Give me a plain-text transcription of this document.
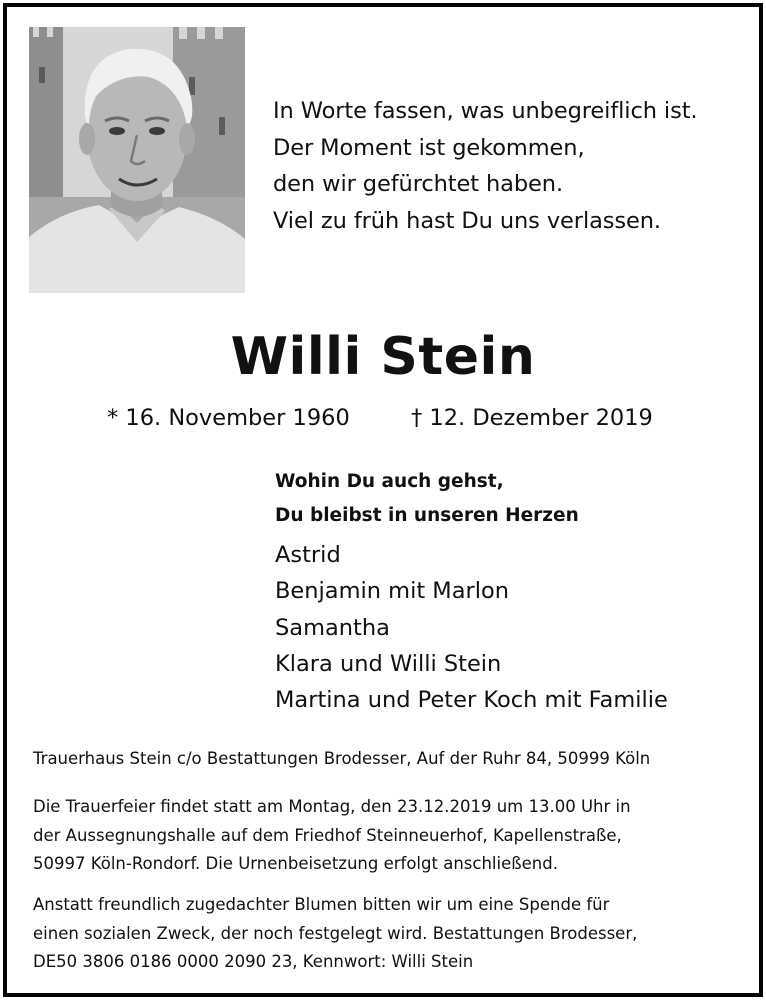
In Worte fassen, was unbegreiflich ist.
Der Moment ist gekommen,
den wir gefürchtet haben.
Viel zu früh hast Du uns verlassen.
Willi Stein
* 16. November 1960	† 12. Dezember 2019
Wohin Du auch gehst,
Du bleibst in unseren Herzen
Astrid
Benjamin mit Marlon
Samantha
Klara und Willi Stein
Martina und Peter Koch mit Familie
Trauerhaus Stein c/o Bestattungen Brodesser, Auf der Ruhr 84, 50999 Köln
Die Trauerfeier findet statt am Montag, den 23.12.2019 um 13.00 Uhr in
der Aussegnungshalle auf dem Friedhof Steinneuerhof, Kapellenstraße,
50997 Köln-Rondorf. Die Urnenbeisetzung erfolgt anschließend.
Anstatt freundlich zugedachter Blumen bitten wir um eine Spende für
einen sozialen Zweck, der noch festgelegt wird. Bestattungen Brodesser,
DE50 3806 0186 0000 2090 23, Kennwort: Willi Stein
